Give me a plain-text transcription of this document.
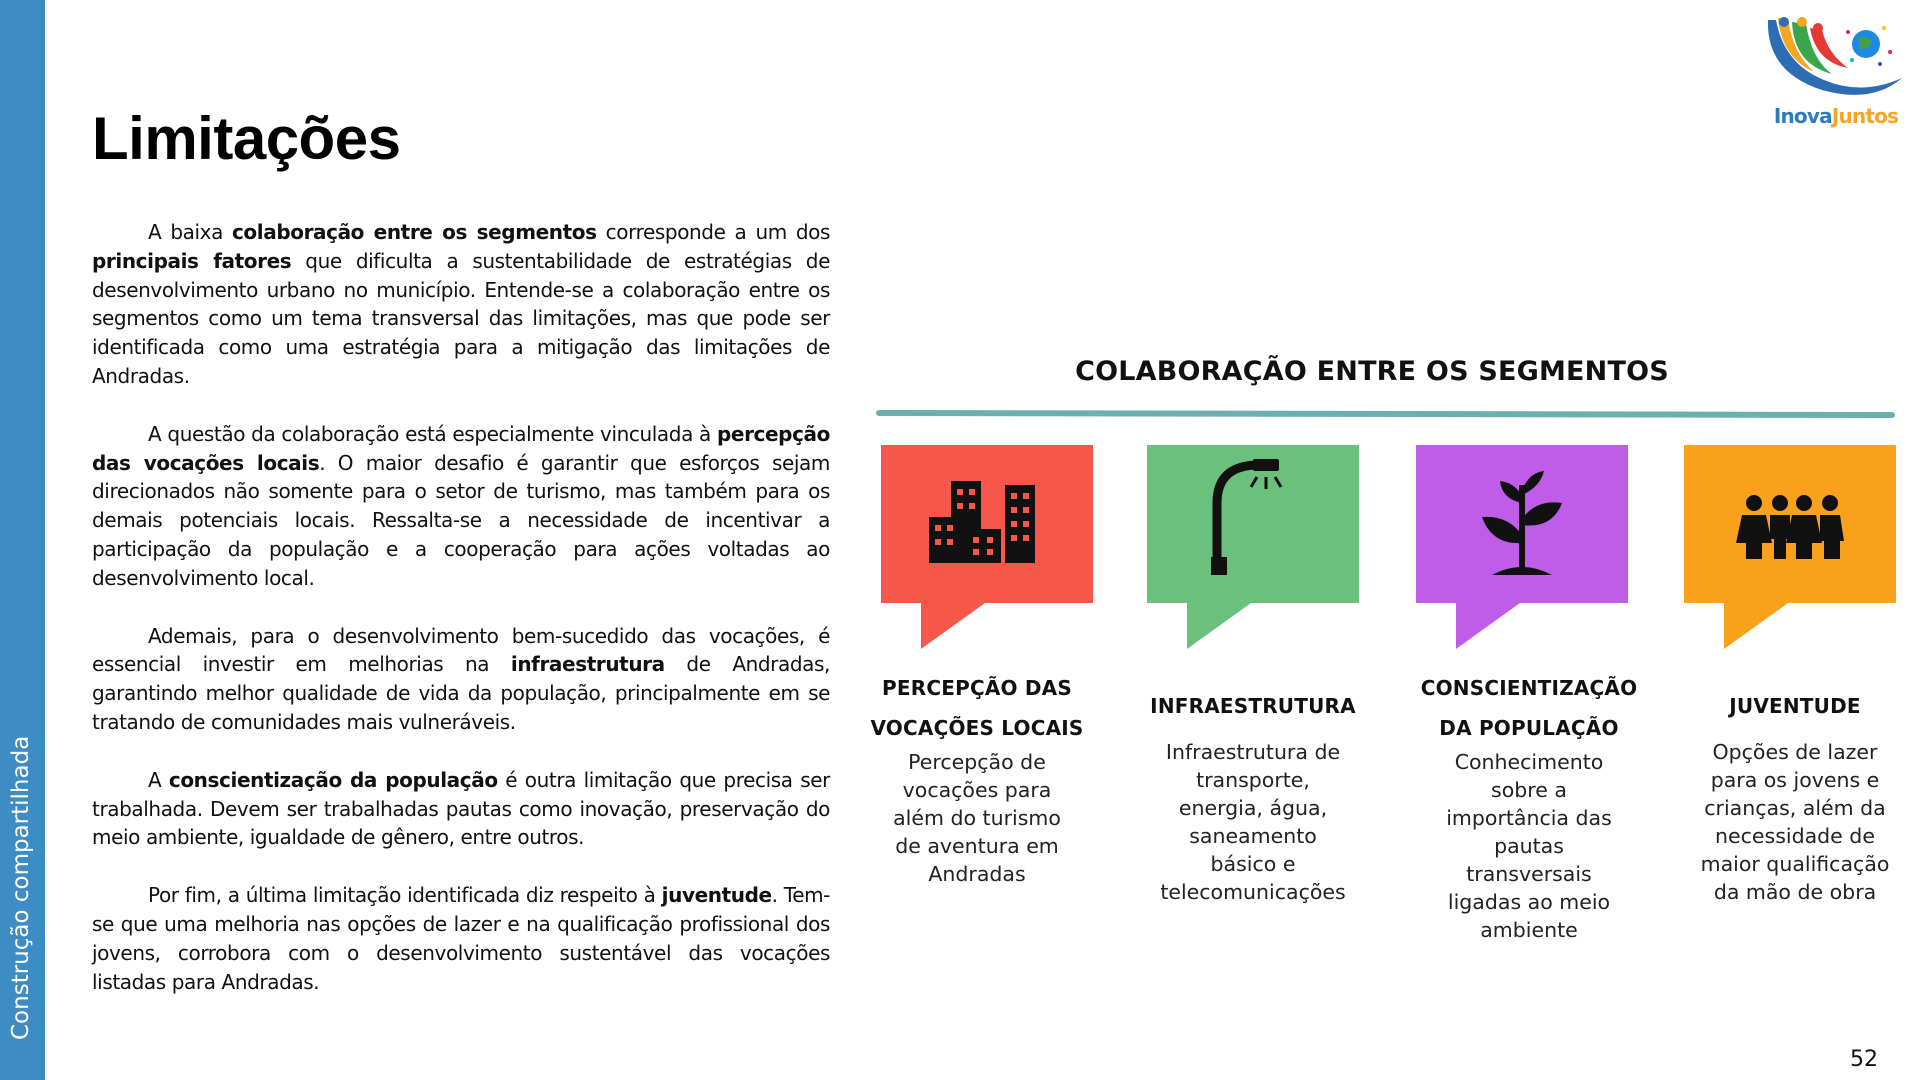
Construção compartilhada
Limitações	InovaJuntos

A baixa colaboração entre os segmentos corresponde a um dos principais fatores que dificulta a sustentabilidade de estratégias de desenvolvimento urbano no município. Entende-se a colaboração entre os segmentos como um tema transversal das limitações, mas que pode ser identificada como uma estratégia para a mitigação das limitações de Andradas.

A questão da colaboração está especialmente vinculada à percepção das vocações locais. O maior desafio é garantir que esforços sejam direcionados não somente para o setor de turismo, mas também para os demais potenciais locais. Ressalta-se a necessidade de incentivar a participação da população e a cooperação para ações voltadas ao desenvolvimento local.

Ademais, para o desenvolvimento bem-sucedido das vocações, é essencial investir em melhorias na infraestrutura de Andradas, garantindo melhor qualidade de vida da população, principalmente em se tratando de comunidades mais vulneráveis.

A conscientização da população é outra limitação que precisa ser trabalhada. Devem ser trabalhadas pautas como inovação, preservação do meio ambiente, igualdade de gênero, entre outros.

Por fim, a última limitação identificada diz respeito à juventude. Tem-se que uma melhoria nas opções de lazer e na qualificação profissional dos jovens, corrobora com o desenvolvimento sustentável das vocações listadas para Andradas.

COLABORAÇÃO ENTRE OS SEGMENTOS
PERCEPÇÃO DAS
VOCAÇÕES LOCAIS
Percepção de
vocações para
além do turismo
de aventura em
Andradas
INFRAESTRUTURA
Infraestrutura de
transporte,
energia, água,
saneamento
básico e
telecomunicações
CONSCIENTIZAÇÃO
DA POPULAÇÃO
Conhecimento
sobre a
importância das
pautas
transversais
ligadas ao meio
ambiente
JUVENTUDE
Opções de lazer
para os jovens e
crianças, além da
necessidade de
maior qualificação
da mão de obra
52
